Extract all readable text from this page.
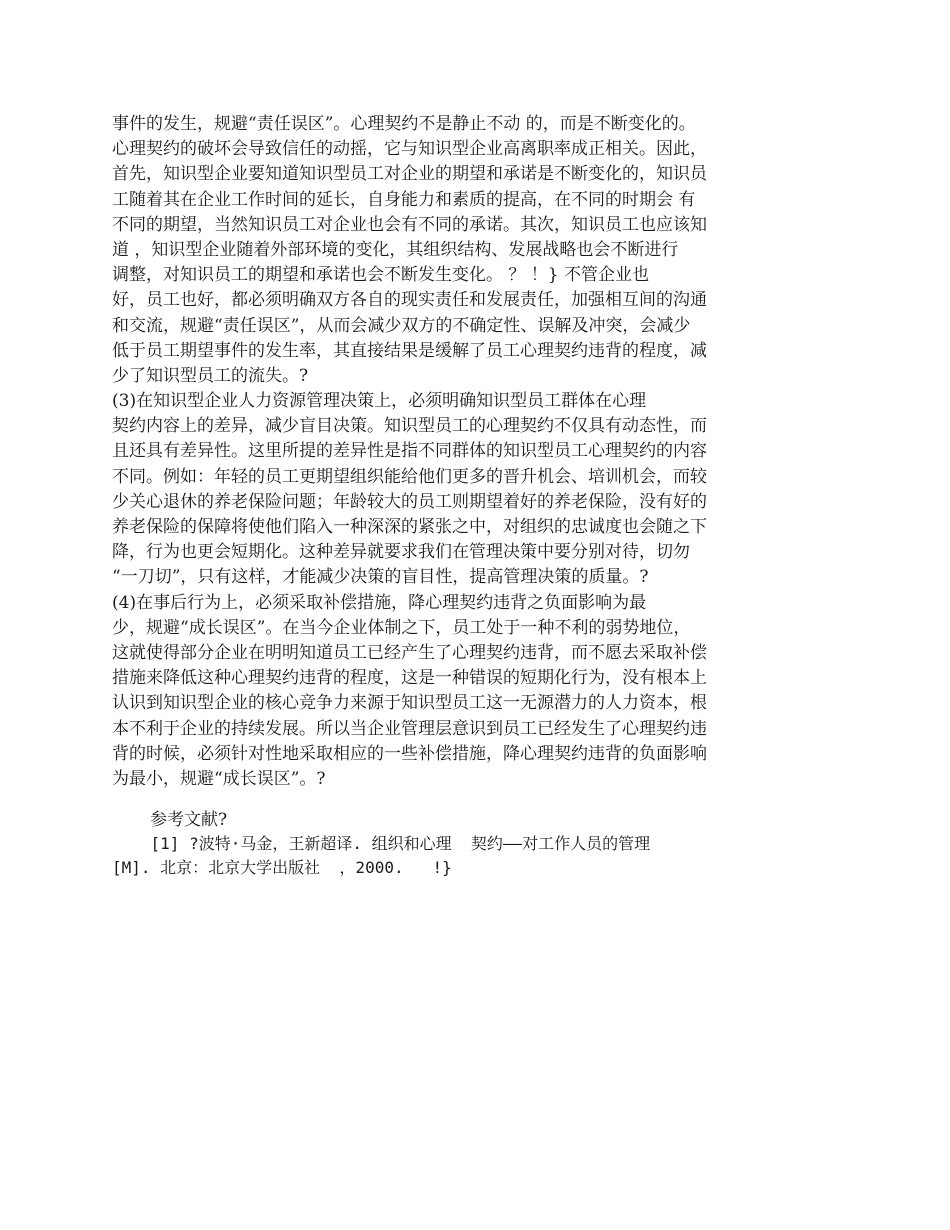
事件的发生，规避“责任误区”。心理契约不是静止不动 的，而是不断变化的。
心理契约的破坏会导致信任的动摇，它与知识型企业高离职率成正相关。因此，
首先，知识型企业要知道知识型员工对企业的期望和承诺是不断变化的，知识员
工随着其在企业工作时间的延长，自身能力和素质的提高，在不同的时期会 有
不同的期望，当然知识员工对企业也会有不同的承诺。其次，知识员工也应该知
道 ，知识型企业随着外部环境的变化，其组织结构、发展战略也会不断进行
调整，对知识员工的期望和承诺也会不断发生变化。 ？ ！} 不管企业也
好，员工也好，都必须明确双方各自的现实责任和发展责任，加强相互间的沟通
和交流，规避“责任误区”，从而会减少双方的不确定性、误解及冲突，会减少
低于员工期望事件的发生率，其直接结果是缓解了员工心理契约违背的程度，减
少了知识型员工的流失。?
(3)在知识型企业人力资源管理决策上，必须明确知识型员工群体在心理
契约内容上的差异，减少盲目决策。知识型员工的心理契约不仅具有动态性，而
且还具有差异性。这里所提的差异性是指不同群体的知识型员工心理契约的内容
不同。例如：年轻的员工更期望组织能给他们更多的晋升机会、培训机会，而较
少关心退休的养老保险问题；年龄较大的员工则期望着好的养老保险，没有好的
养老保险的保障将使他们陷入一种深深的紧张之中，对组织的忠诚度也会随之下
降，行为也更会短期化。这种差异就要求我们在管理决策中要分别对待，切勿
“一刀切”，只有这样，才能减少决策的盲目性，提高管理决策的质量。?
(4)在事后行为上，必须采取补偿措施，降心理契约违背之负面影响为最
少，规避“成长误区”。在当今企业体制之下，员工处于一种不利的弱势地位，
这就使得部分企业在明明知道员工已经产生了心理契约违背，而不愿去采取补偿
措施来降低这种心理契约违背的程度，这是一种错误的短期化行为，没有根本上
认识到知识型企业的核心竞争力来源于知识型员工这一无源潜力的人力资本，根
本不利于企业的持续发展。所以当企业管理层意识到员工已经发生了心理契约违
背的时候，必须针对性地采取相应的一些补偿措施，降心理契约违背的负面影响
为最小，规避“成长误区”。?
参考文献?
[1] ?波特·马金，王新超译. 组织和心理  契约——对工作人员的管理
[M]. 北京：北京大学出版社  ，2000.   !}
